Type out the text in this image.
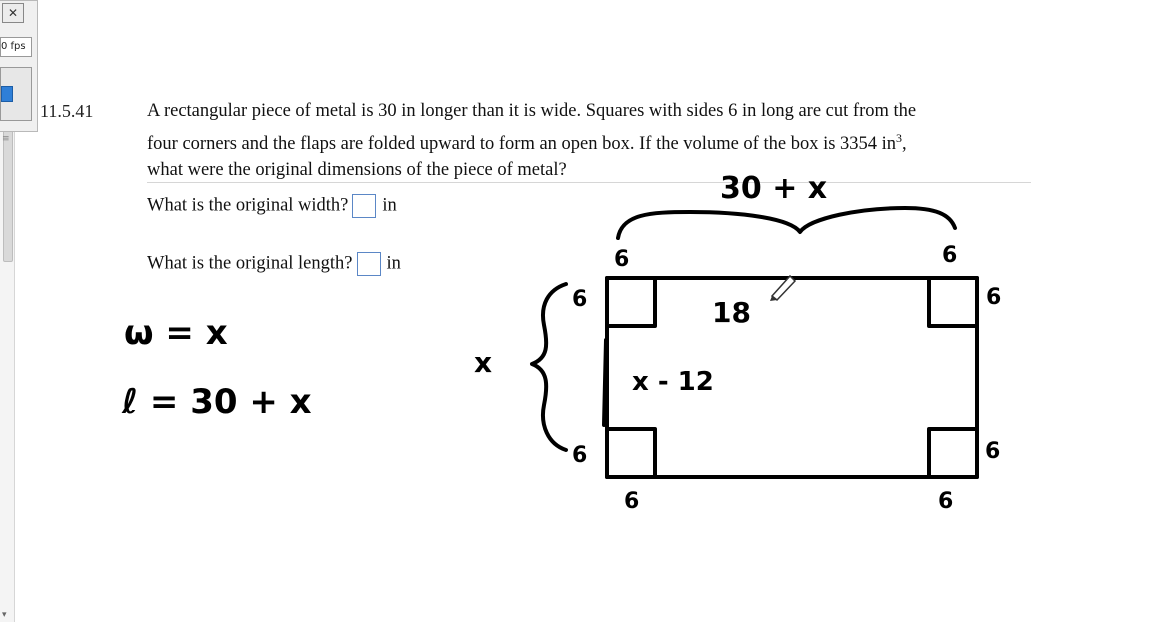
▾
✕
0 fps
≡
11.5.41	A rectangular piece of metal is 30 in longer than it is wide. Squares with sides 6 in long are cut from the
four corners and the flaps are folded upward to form an open box. If the volume of the box is 3354 $in^3$,
what were the original dimensions of the piece of metal?
What is the original width? in
What is the original length? in
ω = x
ℓ = 30 + x
30 + x
x
6	6
6
6
6
6
6	6
18
x - 12
